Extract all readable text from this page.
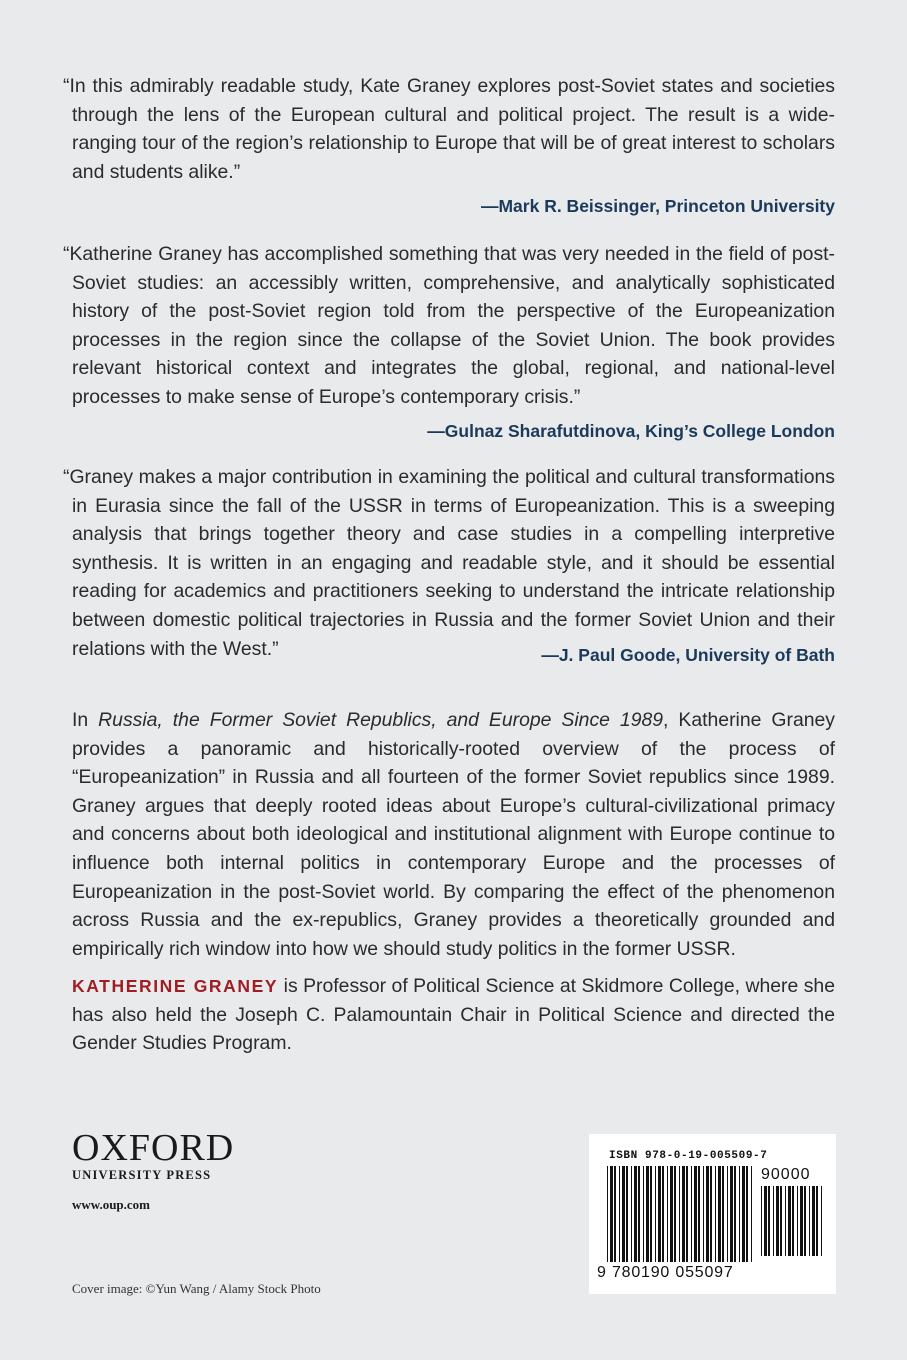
“In this admirably readable study, Kate Graney explores post-Soviet states and societies through the lens of the European cultural and political project. The result is a wide-ranging tour of the region’s relationship to Europe that will be of great interest to scholars and students alike.”

—Mark R. Beissinger, Princeton University

“Katherine Graney has accomplished something that was very needed in the field of post-Soviet studies: an accessibly written, comprehensive, and analytically sophisticated history of the post-Soviet region told from the perspective of the Europeanization processes in the region since the collapse of the Soviet Union. The book provides relevant historical context and integrates the global, regional, and national-level processes to make sense of Europe’s contemporary crisis.”

—Gulnaz Sharafutdinova, King’s College London

“Graney makes a major contribution in examining the political and cultural transformations in Eurasia since the fall of the USSR in terms of Europeanization. This is a sweeping analysis that brings together theory and case studies in a compelling interpretive synthesis. It is written in an engaging and readable style, and it should be essential reading for academics and practitioners seeking to understand the intricate relationship between domestic political trajectories in Russia and the former Soviet Union and their relations with the West.”	—J. Paul Goode, University of Bath

In Russia, the Former Soviet Republics, and Europe Since 1989, Katherine Graney provides a panoramic and historically-rooted overview of the process of “Europeanization” in Russia and all fourteen of the former Soviet republics since 1989. Graney argues that deeply rooted ideas about Europe’s cultural-civilizational primacy and concerns about both ideological and institutional alignment with Europe continue to influence both internal politics in contemporary Europe and the processes of Europeanization in the post-Soviet world. By comparing the effect of the phenomenon across Russia and the ex-republics, Graney provides a theoretically grounded and empirically rich window into how we should study politics in the former USSR.

KATHERINE GRANEY is Professor of Political Science at Skidmore College, where she has also held the Joseph C. Palamountain Chair in Political Science and directed the Gender Studies Program.

OXFORD
UNIVERSITY PRESS
www.oup.com
Cover image: ©Yun Wang / Alamy Stock Photo
ISBN 978-0-19-005509-7
90000
9 780190 055097
